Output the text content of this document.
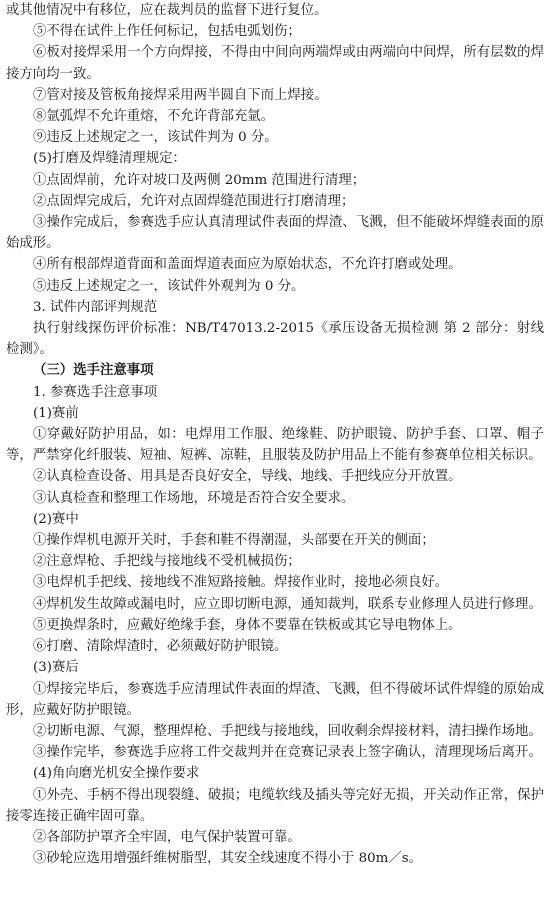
或其他情况中有移位，应在裁判员的监督下进行复位。

⑤不得在试件上作任何标记，包括电弧划伤；

⑥板对接焊采用一个方向焊接，不得由中间向两端焊或由两端向中间焊，所有层数的焊接方向均一致。

⑦管对接及管板角接焊采用两半圆自下而上焊接。

⑧氩弧焊不允许重熔，不允许背部充氩。

⑨违反上述规定之一，该试件判为 0 分。

(5)打磨及焊缝清理规定：

①点固焊前，允许对坡口及两侧 20mm 范围进行清理；

②点固焊完成后，允许对点固焊缝范围进行打磨清理；

③操作完成后，参赛选手应认真清理试件表面的焊渣、飞溅，但不能破坏焊缝表面的原始成形。

④所有根部焊道背面和盖面焊道表面应为原始状态，不允许打磨或处理。

⑤违反上述规定之一，该试件外观判为 0 分。

3. 试件内部评判规范

执行射线探伤评价标准：NB/T47013.2-2015《承压设备无损检测 第 2 部分：射线检测》。

（三）选手注意事项

1. 参赛选手注意事项

(1)赛前

①穿戴好防护用品，如：电焊用工作服、绝缘鞋、防护眼镜、防护手套、口罩、帽子等，严禁穿化纤服装、短袖、短裤、凉鞋，且服装及防护用品上不能有参赛单位相关标识。

②认真检查设备、用具是否良好安全，导线、地线、手把线应分开放置。

③认真检查和整理工作场地，环境是否符合安全要求。

(2)赛中

①操作焊机电源开关时，手套和鞋不得潮湿，头部要在开关的侧面；

②注意焊枪、手把线与接地线不受机械损伤；

③电焊机手把线、接地线不准短路接触。焊接作业时，接地必须良好。

④焊机发生故障或漏电时，应立即切断电源，通知裁判，联系专业修理人员进行修理。

⑤更换焊条时，应戴好绝缘手套，身体不要靠在铁板或其它导电物体上。

⑥打磨、清除焊渣时，必须戴好防护眼镜。

(3)赛后

①焊接完毕后，参赛选手应清理试件表面的焊渣、飞溅，但不得破坏试件焊缝的原始成形，应戴好防护眼镜。

②切断电源、气源，整理焊枪、手把线与接地线，回收剩余焊接材料，清扫操作场地。

③操作完毕，参赛选手应将工件交裁判并在竞赛记录表上签字确认，清理现场后离开。

(4)角向磨光机安全操作要求

①外壳、手柄不得出现裂缝、破损；电缆软线及插头等完好无损，开关动作正常，保护接零连接正确牢固可靠。

②各部防护罩齐全牢固，电气保护装置可靠。

③砂轮应选用增强纤维树脂型，其安全线速度不得小于 80m／s。
